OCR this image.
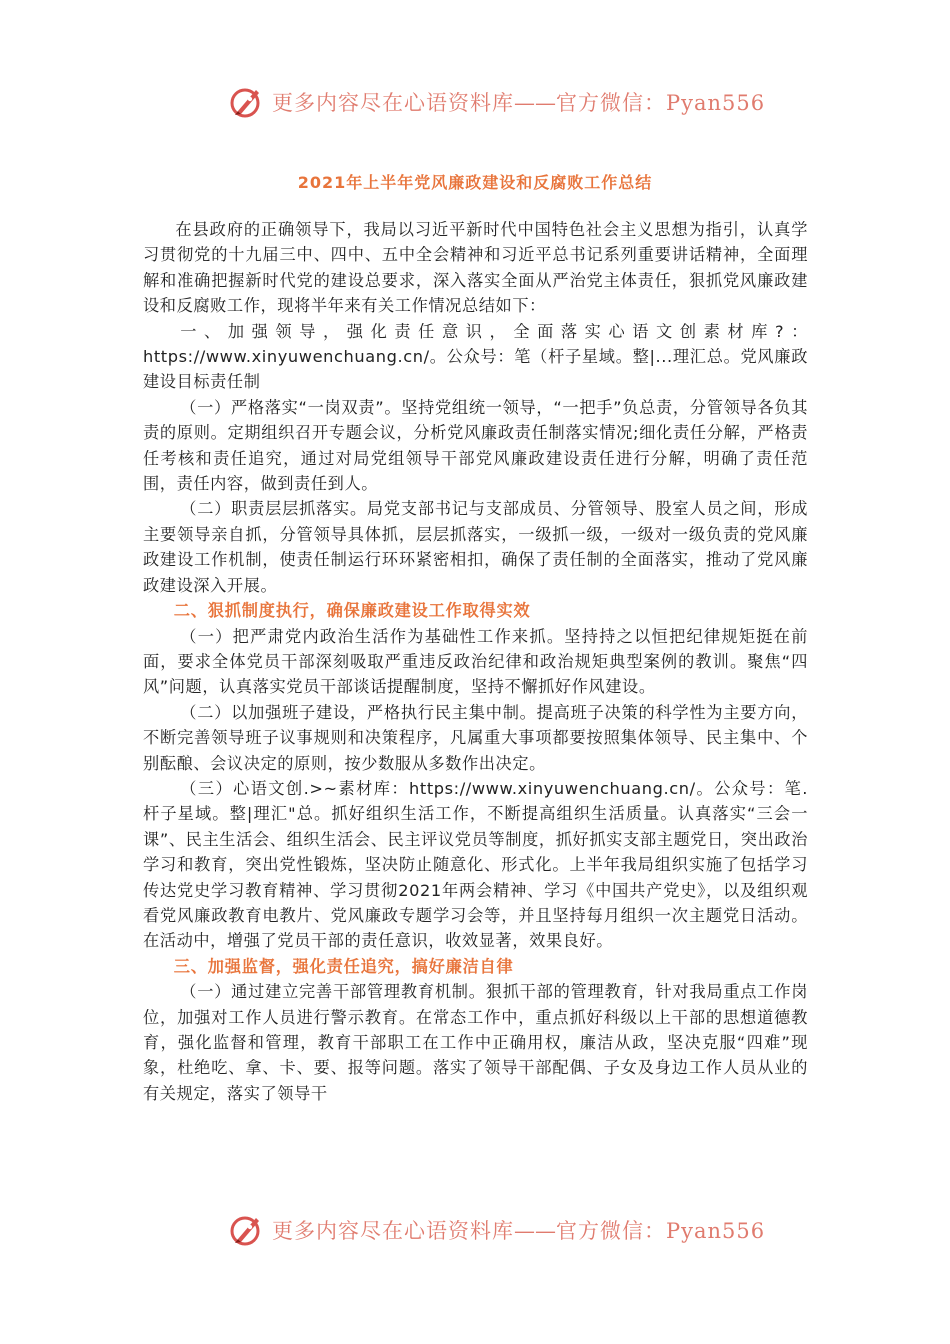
更多内容尽在心语资料库——官方微信：Pyan556
2021年上半年党风廉政建设和反腐败工作总结

在县政府的正确领导下，我局以习近平新时代中国特色社会主义思想为指引，认真学习贯彻党的十九届三中、四中、五中全会精神和习近平总书记系列重要讲话精神，全面理解和准确把握新时代党的建设总要求，深入落实全面从严治党主体责任，狠抓党风廉政建设和反腐败工作，现将半年来有关工作情况总结如下：

一、加强领导，强化责任意识，全面落实心语文创素材库?：https://www.xinyuwenchuang.cn/。公众号：笔（杆子星域。整|...理汇总。党风廉政建设目标责任制

（一）严格落实“一岗双责”。坚持党组统一领导，“一把手”负总责，分管领导各负其责的原则。定期组织召开专题会议，分析党风廉政责任制落实情况;细化责任分解，严格责任考核和责任追究，通过对局党组领导干部党风廉政建设责任进行分解，明确了责任范围，责任内容，做到责任到人。

（二）职责层层抓落实。局党支部书记与支部成员、分管领导、股室人员之间，形成主要领导亲自抓，分管领导具体抓，层层抓落实，一级抓一级，一级对一级负责的党风廉政建设工作机制，使责任制运行环环紧密相扣，确保了责任制的全面落实，推动了党风廉政建设深入开展。

二、狠抓制度执行，确保廉政建设工作取得实效

（一）把严肃党内政治生活作为基础性工作来抓。坚持持之以恒把纪律规矩挺在前面，要求全体党员干部深刻吸取严重违反政治纪律和政治规矩典型案例的教训。聚焦“四风”问题，认真落实党员干部谈话提醒制度，坚持不懈抓好作风建设。

（二）以加强班子建设，严格执行民主集中制。提高班子决策的科学性为主要方向，不断完善领导班子议事规则和决策程序，凡属重大事项都要按照集体领导、民主集中、个别酝酿、会议决定的原则，按少数服从多数作出决定。

（三）心语文创.>~素材库：https://www.xinyuwenchuang.cn/。公众号：笔.杆子星域。整|理汇"总。抓好组织生活工作，不断提高组织生活质量。认真落实“三会一课”、民主生活会、组织生活会、民主评议党员等制度，抓好抓实支部主题党日，突出政治学习和教育，突出党性锻炼，坚决防止随意化、形式化。上半年我局组织实施了包括学习传达党史学习教育精神、学习贯彻2021年两会精神、学习《中国共产党史》，以及组织观看党风廉政教育电教片、党风廉政专题学习会等，并且坚持每月组织一次主题党日活动。在活动中，增强了党员干部的责任意识，收效显著，效果良好。

三、加强监督，强化责任追究，搞好廉洁自律

（一）通过建立完善干部管理教育机制。狠抓干部的管理教育，针对我局重点工作岗位，加强对工作人员进行警示教育。在常态工作中，重点抓好科级以上干部的思想道德教育，强化监督和管理，教育干部职工在工作中正确用权，廉洁从政，坚决克服“四难”现象，杜绝吃、拿、卡、要、报等问题。落实了领导干部配偶、子女及身边工作人员从业的有关规定，落实了领导干

更多内容尽在心语资料库——官方微信：Pyan556
